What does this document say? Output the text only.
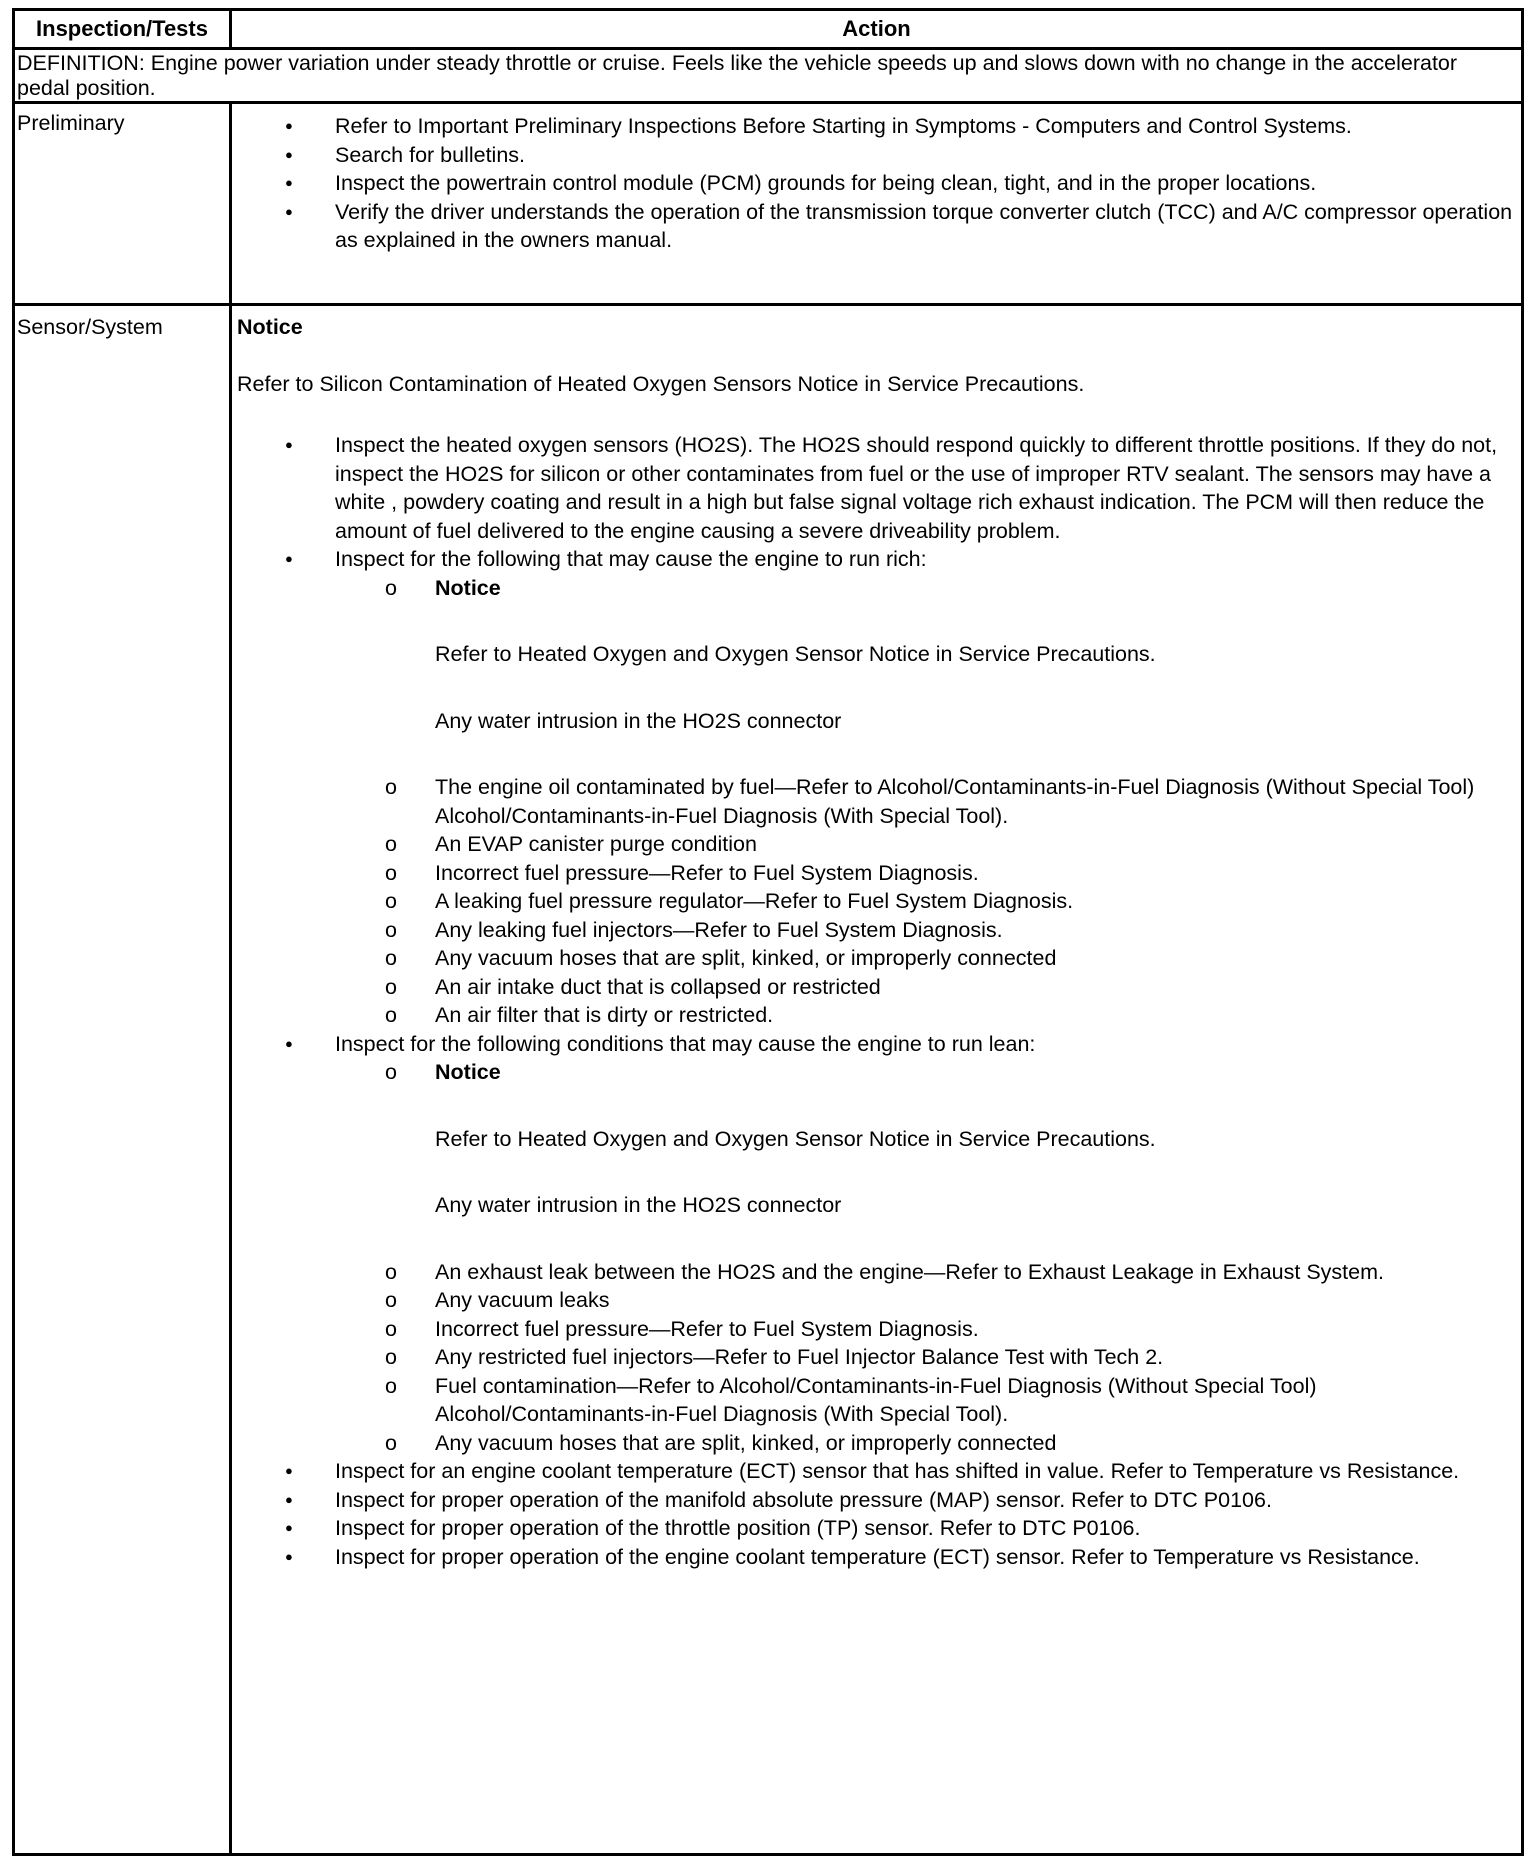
Inspection/Tests	Action
DEFINITION: Engine power variation under steady throttle or cruise. Feels like the vehicle speeds up and slows down with no change in the accelerator pedal position.
Preliminary
●	Refer to Important Preliminary Inspections Before Starting in Symptoms - Computers and Control Systems.
● Search for bulletins.
● Inspect the powertrain control module (PCM) grounds for being clean, tight, and in the proper locations.
● Verify the driver understands the operation of the transmission torque converter clutch (TCC) and A/C compressor operation as explained in the owners manual.
Sensor/System	Notice
Refer to Silicon Contamination of Heated Oxygen Sensors Notice in Service Precautions.
● Inspect the heated oxygen sensors (HO2S). The HO2S should respond quickly to different throttle positions. If they do not, inspect the HO2S for silicon or other contaminates from fuel or the use of improper RTV sealant. The sensors may have a white , powdery coating and result in a high but false signal voltage rich exhaust indication. The PCM will then reduce the amount of fuel delivered to the engine causing a severe driveability problem.
● Inspect for the following that may cause the engine to run rich:
o Notice
Refer to Heated Oxygen and Oxygen Sensor Notice in Service Precautions.
Any water intrusion in the HO2S connector
o The engine oil contaminated by fuel—Refer to Alcohol/Contaminants-in-Fuel Diagnosis (Without Special Tool) Alcohol/Contaminants-in-Fuel Diagnosis (With Special Tool).
o An EVAP canister purge condition
o Incorrect fuel pressure—Refer to Fuel System Diagnosis.
o A leaking fuel pressure regulator—Refer to Fuel System Diagnosis.
o Any leaking fuel injectors—Refer to Fuel System Diagnosis.
o Any vacuum hoses that are split, kinked, or improperly connected
o An air intake duct that is collapsed or restricted
o An air filter that is dirty or restricted.
● Inspect for the following conditions that may cause the engine to run lean:
o Notice
Refer to Heated Oxygen and Oxygen Sensor Notice in Service Precautions.
Any water intrusion in the HO2S connector
o An exhaust leak between the HO2S and the engine—Refer to Exhaust Leakage in Exhaust System.
o Any vacuum leaks
o Incorrect fuel pressure—Refer to Fuel System Diagnosis.
o Any restricted fuel injectors—Refer to Fuel Injector Balance Test with Tech 2.
o Fuel contamination—Refer to Alcohol/Contaminants-in-Fuel Diagnosis (Without Special Tool) Alcohol/Contaminants-in-Fuel Diagnosis (With Special Tool).
o Any vacuum hoses that are split, kinked, or improperly connected
● Inspect for an engine coolant temperature (ECT) sensor that has shifted in value. Refer to Temperature vs Resistance.
● Inspect for proper operation of the manifold absolute pressure (MAP) sensor. Refer to DTC P0106.
● Inspect for proper operation of the throttle position (TP) sensor. Refer to DTC P0106.
● Inspect for proper operation of the engine coolant temperature (ECT) sensor. Refer to Temperature vs Resistance.
